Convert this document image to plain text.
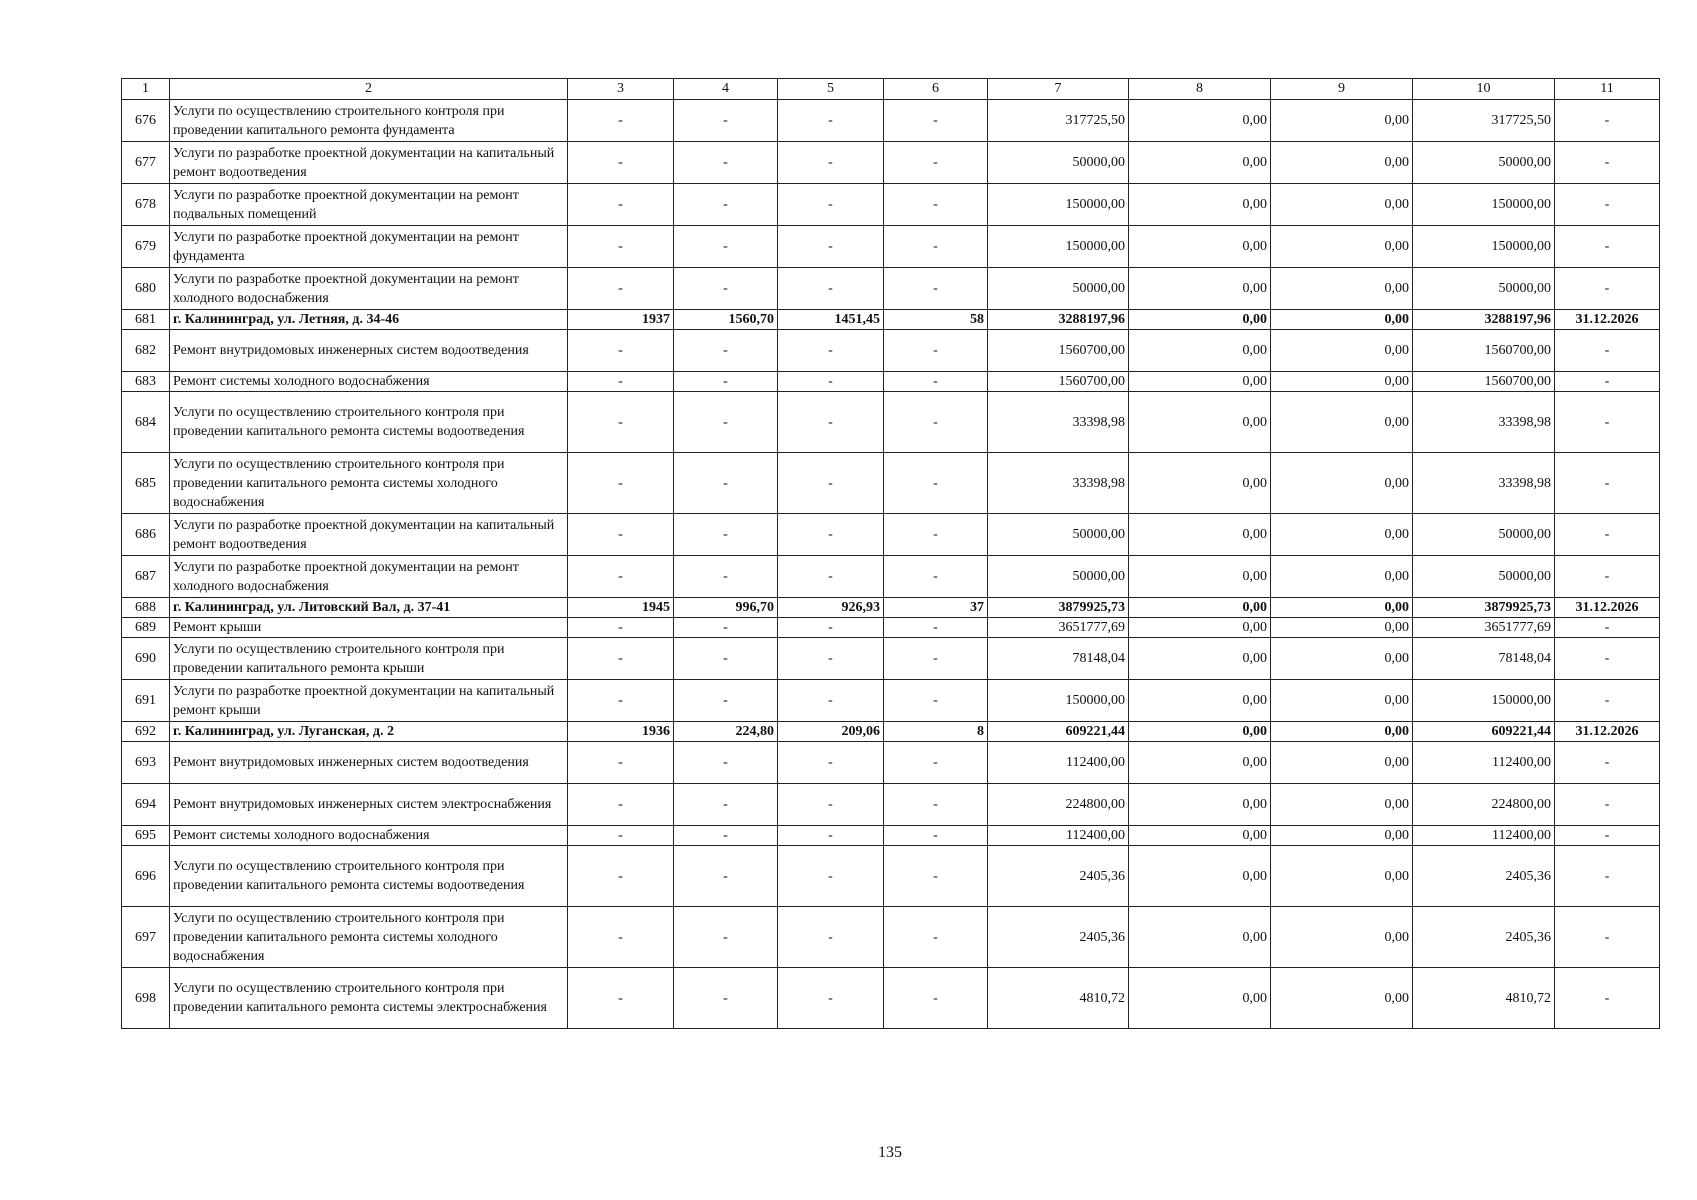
1	2	3	4	5	6	7	8	9	10	11
676	Услуги по осуществлению строительного контроля при проведении капитального ремонта фундамента	-	-	-	-	317725,50	0,00	0,00	317725,50	-
677	Услуги по разработке проектной документации на капитальный ремонт водоотведения	-	-	-	-	50000,00	0,00	0,00	50000,00	-
678	Услуги по разработке проектной документации на ремонт подвальных помещений	-	-	-	-	150000,00	0,00	0,00	150000,00	-
679	Услуги по разработке проектной документации на ремонт фундамента	-	-	-	-	150000,00	0,00	0,00	150000,00	-
680	Услуги по разработке проектной документации на ремонт холодного водоснабжения	-	-	-	-	50000,00	0,00	0,00	50000,00	-
681	г. Калининград, ул. Летняя, д. 34-46	1937	1560,70	1451,45	58	3288197,96	0,00	0,00	3288197,96	31.12.2026
682	Ремонт внутридомовых инженерных систем водоотведения	-	-	-	-	1560700,00	0,00	0,00	1560700,00	-
683	Ремонт системы холодного водоснабжения	-	-	-	-	1560700,00	0,00	0,00	1560700,00	-
684	Услуги по осуществлению строительного контроля при проведении капитального ремонта системы водоотведения	-	-	-	-	33398,98	0,00	0,00	33398,98	-
685	Услуги по осуществлению строительного контроля при проведении капитального ремонта системы холодного водоснабжения	-	-	-	-	33398,98	0,00	0,00	33398,98	-
686	Услуги по разработке проектной документации на капитальный ремонт водоотведения	-	-	-	-	50000,00	0,00	0,00	50000,00	-
687	Услуги по разработке проектной документации на ремонт холодного водоснабжения	-	-	-	-	50000,00	0,00	0,00	50000,00	-
688	г. Калининград, ул. Литовский Вал, д. 37-41	1945	996,70	926,93	37	3879925,73	0,00	0,00	3879925,73	31.12.2026
689	Ремонт крыши	-	-	-	-	3651777,69	0,00	0,00	3651777,69	-
690	Услуги по осуществлению строительного контроля при проведении капитального ремонта крыши	-	-	-	-	78148,04	0,00	0,00	78148,04	-
691	Услуги по разработке проектной документации на капитальный ремонт крыши	-	-	-	-	150000,00	0,00	0,00	150000,00	-
692	г. Калининград, ул. Луганская, д. 2	1936	224,80	209,06	8	609221,44	0,00	0,00	609221,44	31.12.2026
693	Ремонт внутридомовых инженерных систем водоотведения	-	-	-	-	112400,00	0,00	0,00	112400,00	-
694	Ремонт внутридомовых инженерных систем электроснабжения	-	-	-	-	224800,00	0,00	0,00	224800,00	-
695	Ремонт системы холодного водоснабжения	-	-	-	-	112400,00	0,00	0,00	112400,00	-
696	Услуги по осуществлению строительного контроля при проведении капитального ремонта системы водоотведения	-	-	-	-	2405,36	0,00	0,00	2405,36	-
697	Услуги по осуществлению строительного контроля при проведении капитального ремонта системы холодного водоснабжения	-	-	-	-	2405,36	0,00	0,00	2405,36	-
698	Услуги по осуществлению строительного контроля при проведении капитального ремонта системы электроснабжения	-	-	-	-	4810,72	0,00	0,00	4810,72	-
135
